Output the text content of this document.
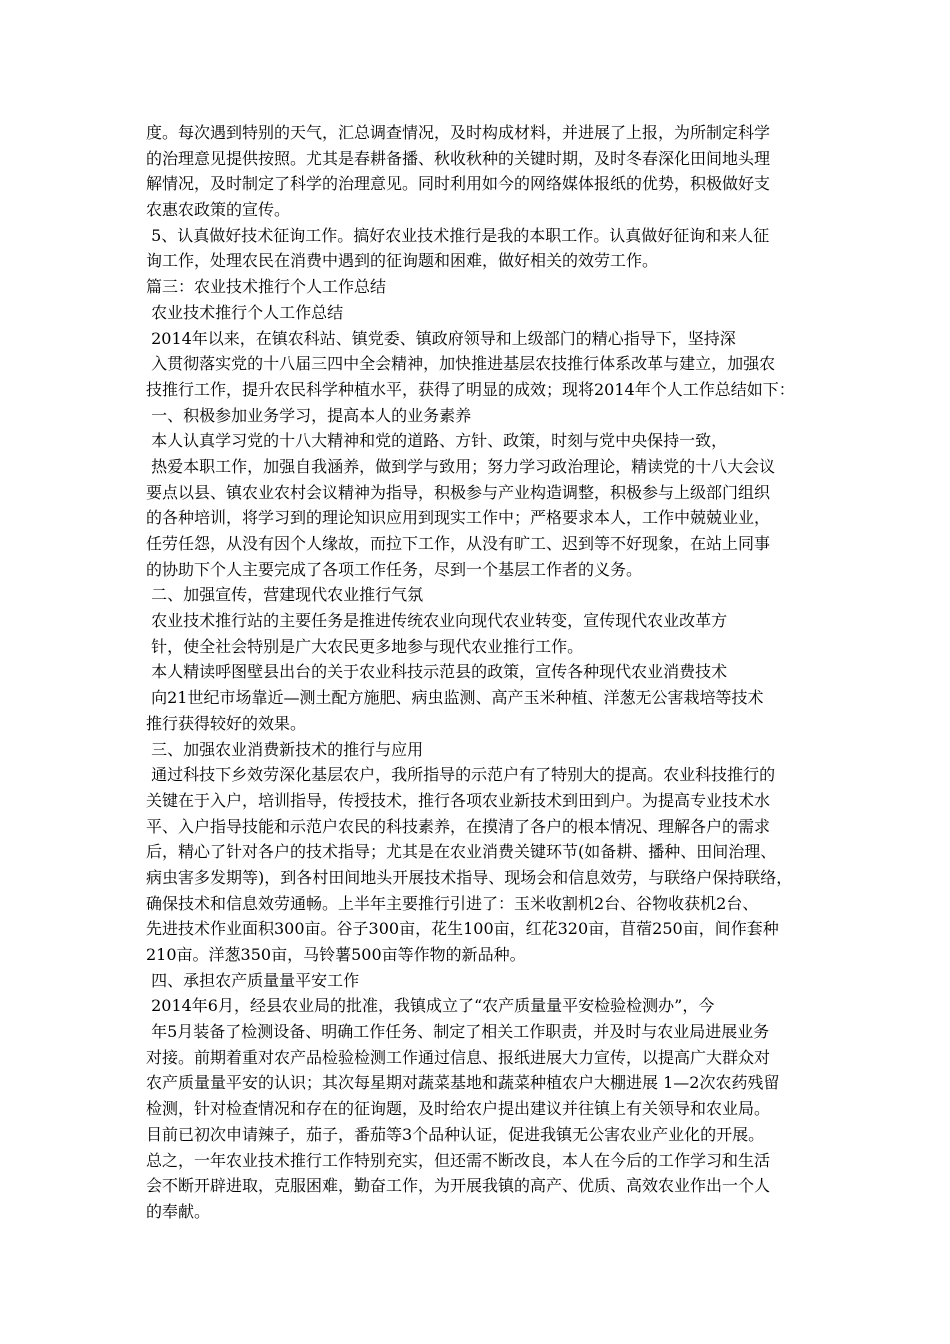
度。每次遇到特别的天气，汇总调查情况，及时构成材料，并进展了上报，为所制定科学

的治理意见提供按照。尤其是春耕备播、秋收秋种的关键时期，及时冬春深化田间地头理

解情况，及时制定了科学的治理意见。同时利用如今的网络媒体报纸的优势，积极做好支

农惠农政策的宣传。

5、认真做好技术征询工作。搞好农业技术推行是我的本职工作。认真做好征询和来人征

询工作，处理农民在消费中遇到的征询题和困难，做好相关的效劳工作。

篇三：农业技术推行个人工作总结

农业技术推行个人工作总结

2014年以来，在镇农科站、镇党委、镇政府领导和上级部门的精心指导下，坚持深

入贯彻落实党的十八届三四中全会精神，加快推进基层农技推行体系改革与建立，加强农

技推行工作，提升农民科学种植水平，获得了明显的成效；现将2014年个人工作总结如下：

一、积极参加业务学习，提高本人的业务素养

本人认真学习党的十八大精神和党的道路、方针、政策，时刻与党中央保持一致，

热爱本职工作，加强自我涵养，做到学与致用；努力学习政治理论，精读党的十八大会议

要点以县、镇农业农村会议精神为指导，积极参与产业构造调整，积极参与上级部门组织

的各种培训，将学习到的理论知识应用到现实工作中；严格要求本人，工作中兢兢业业，

任劳任怨，从没有因个人缘故，而拉下工作，从没有旷工、迟到等不好现象，在站上同事

的协助下个人主要完成了各项工作任务，尽到一个基层工作者的义务。

二、加强宣传，营建现代农业推行气氛

农业技术推行站的主要任务是推进传统农业向现代农业转变，宣传现代农业改革方

针，使全社会特别是广大农民更多地参与现代农业推行工作。

本人精读呼图壁县出台的关于农业科技示范县的政策，宣传各种现代农业消费技术

向21世纪市场靠近—测土配方施肥、病虫监测、高产玉米种植、洋葱无公害栽培等技术

推行获得较好的效果。

三、加强农业消费新技术的推行与应用

通过科技下乡效劳深化基层农户，我所指导的示范户有了特别大的提高。农业科技推行的

关键在于入户，培训指导，传授技术，推行各项农业新技术到田到户。为提高专业技术水

平、入户指导技能和示范户农民的科技素养，在摸清了各户的根本情况、理解各户的需求

后，精心了针对各户的技术指导；尤其是在农业消费关键环节(如备耕、播种、田间治理、

病虫害多发期等)，到各村田间地头开展技术指导、现场会和信息效劳，与联络户保持联络，

确保技术和信息效劳通畅。上半年主要推行引进了：玉米收割机2台、谷物收获机2台、

先进技术作业面积300亩。谷子300亩，花生100亩，红花320亩，苜蓿250亩，间作套种

210亩。洋葱350亩，马铃薯500亩等作物的新品种。

四、承担农产质量量平安工作

2014年6月，经县农业局的批准，我镇成立了“农产质量量平安检验检测办”，今

年5月装备了检测设备、明确工作任务、制定了相关工作职责，并及时与农业局进展业务

对接。前期着重对农产品检验检测工作通过信息、报纸进展大力宣传，以提高广大群众对

农产质量量平安的认识；其次每星期对蔬菜基地和蔬菜种植农户大棚进展 1—2次农药残留

检测，针对检查情况和存在的征询题，及时给农户提出建议并往镇上有关领导和农业局。

目前已初次申请辣子，茄子，番茄等3个品种认证，促进我镇无公害农业产业化的开展。

总之，一年农业技术推行工作特别充实，但还需不断改良，本人在今后的工作学习和生活

会不断开辟进取，克服困难，勤奋工作，为开展我镇的高产、优质、高效农业作出一个人

的奉献。
